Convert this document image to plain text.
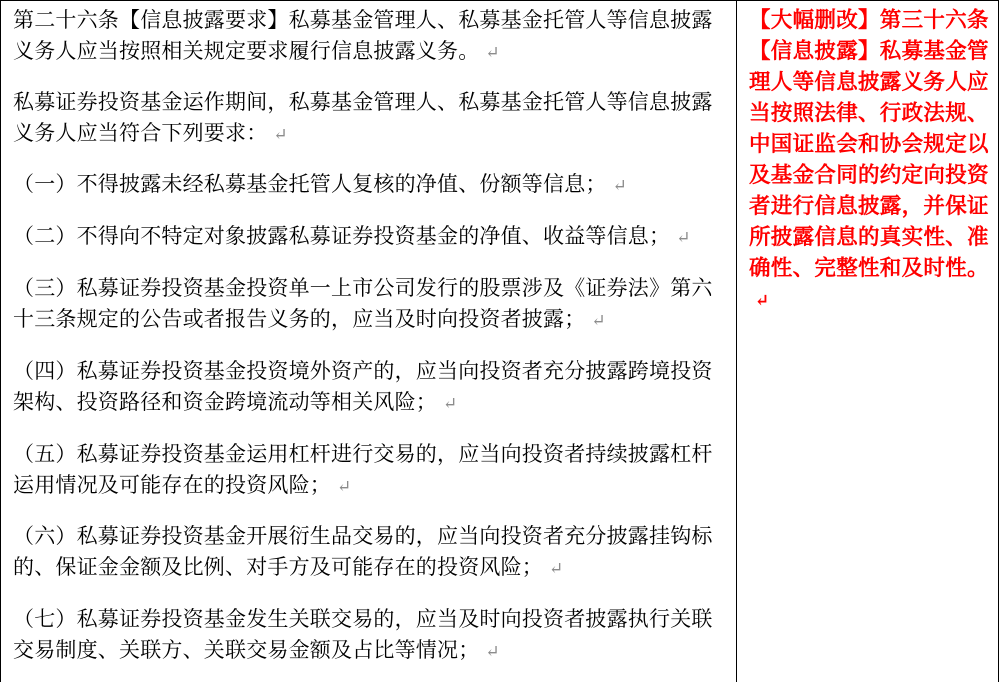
第二十六条【信息披露要求】私募基金管理人、私募基金托管人等信息披露义务人应当按照相关规定要求履行信息披露义务。 ↵

私募证券投资基金运作期间，私募基金管理人、私募基金托管人等信息披露义务人应当符合下列要求： ↵

（一）不得披露未经私募基金托管人复核的净值、份额等信息； ↵

（二）不得向不特定对象披露私募证券投资基金的净值、收益等信息； ↵

（三）私募证券投资基金投资单一上市公司发行的股票涉及《证券法》第六十三条规定的公告或者报告义务的，应当及时向投资者披露； ↵

（四）私募证券投资基金投资境外资产的，应当向投资者充分披露跨境投资架构、投资路径和资金跨境流动等相关风险； ↵

（五）私募证券投资基金运用杠杆进行交易的，应当向投资者持续披露杠杆运用情况及可能存在的投资风险； ↵

（六）私募证券投资基金开展衍生品交易的，应当向投资者充分披露挂钩标的、保证金金额及比例、对手方及可能存在的投资风险； ↵

（七）私募证券投资基金发生关联交易的，应当及时向投资者披露执行关联交易制度、关联方、关联交易金额及占比等情况； ↵

【大幅删改】第三十六条【信息披露】私募基金管理人等信息披露义务人应当按照法律、行政法规、中国证监会和协会规定以及基金合同的约定向投资者进行信息披露，并保证所披露信息的真实性、准确性、完整性和及时性。↵
